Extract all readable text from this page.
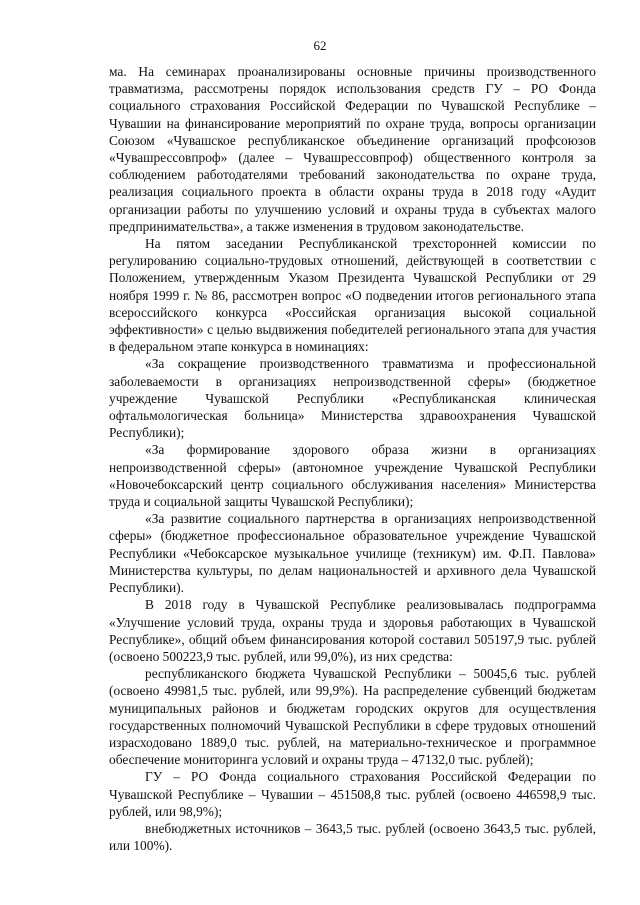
62

ма. На семинарах проанализированы основные причины производственного травматизма, рассмотрены порядок использования средств ГУ – РО Фонда социального страхования Российской Федерации по Чувашской Республике – Чувашии на финансирование мероприятий по охране труда, вопросы организации Союзом «Чувашское республиканское объединение организаций профсоюзов «Чувашрессовпроф» (далее – Чувашрессовпроф) общественного контроля за соблюдением работодателями требований законодательства по охране труда, реализация социального проекта в области охраны труда в 2018 году «Аудит организации работы по улучшению условий и охраны труда в субъектах малого предпринимательства», а также изменения в трудовом законодательстве.

На пятом заседании Республиканской трехсторонней комиссии по регулированию социально-трудовых отношений, действующей в соответствии с Положением, утвержденным Указом Президента Чувашской Республики от 29 ноября 1999 г. № 86, рассмотрен вопрос «О подведении итогов регионального этапа всероссийского конкурса «Российская организация высокой социальной эффективности» с целью выдвижения победителей регионального этапа для участия в федеральном этапе конкурса в номинациях:

«За сокращение производственного травматизма и профессиональной заболеваемости в организациях непроизводственной сферы» (бюджетное учреждение Чувашской Республики «Республиканская клиническая офтальмологическая больница» Министерства здравоохранения Чувашской Республики);

«За формирование здорового образа жизни в организациях непроизводственной сферы» (автономное учреждение Чувашской Республики «Новочебоксарский центр социального обслуживания населения» Министерства труда и социальной защиты Чувашской Республики);

«За развитие социального партнерства в организациях непроизводственной сферы» (бюджетное профессиональное образовательное учреждение Чувашской Республики «Чебоксарское музыкальное училище (техникум) им. Ф.П. Павлова» Министерства культуры, по делам национальностей и архивного дела Чувашской Республики).

В 2018 году в Чувашской Республике реализовывалась подпрограмма «Улучшение условий труда, охраны труда и здоровья работающих в Чувашской Республике», общий объем финансирования которой составил 505197,9 тыс. рублей (освоено 500223,9 тыс. рублей, или 99,0%), из них средства:

республиканского бюджета Чувашской Республики – 50045,6 тыс. рублей (освоено 49981,5 тыс. рублей, или 99,9%). На распределение субвенций бюджетам муниципальных районов и бюджетам городских округов для осуществления государственных полномочий Чувашской Республики в сфере трудовых отношений израсходовано 1889,0 тыс. рублей, на материально-техническое и программное обеспечение мониторинга условий и охраны труда – 47132,0 тыс. рублей);

ГУ – РО Фонда социального страхования Российской Федерации по Чувашской Республике – Чувашии – 451508,8 тыс. рублей (освоено 446598,9 тыс. рублей, или 98,9%);

внебюджетных источников – 3643,5 тыс. рублей (освоено 3643,5 тыс. рублей, или 100%).
